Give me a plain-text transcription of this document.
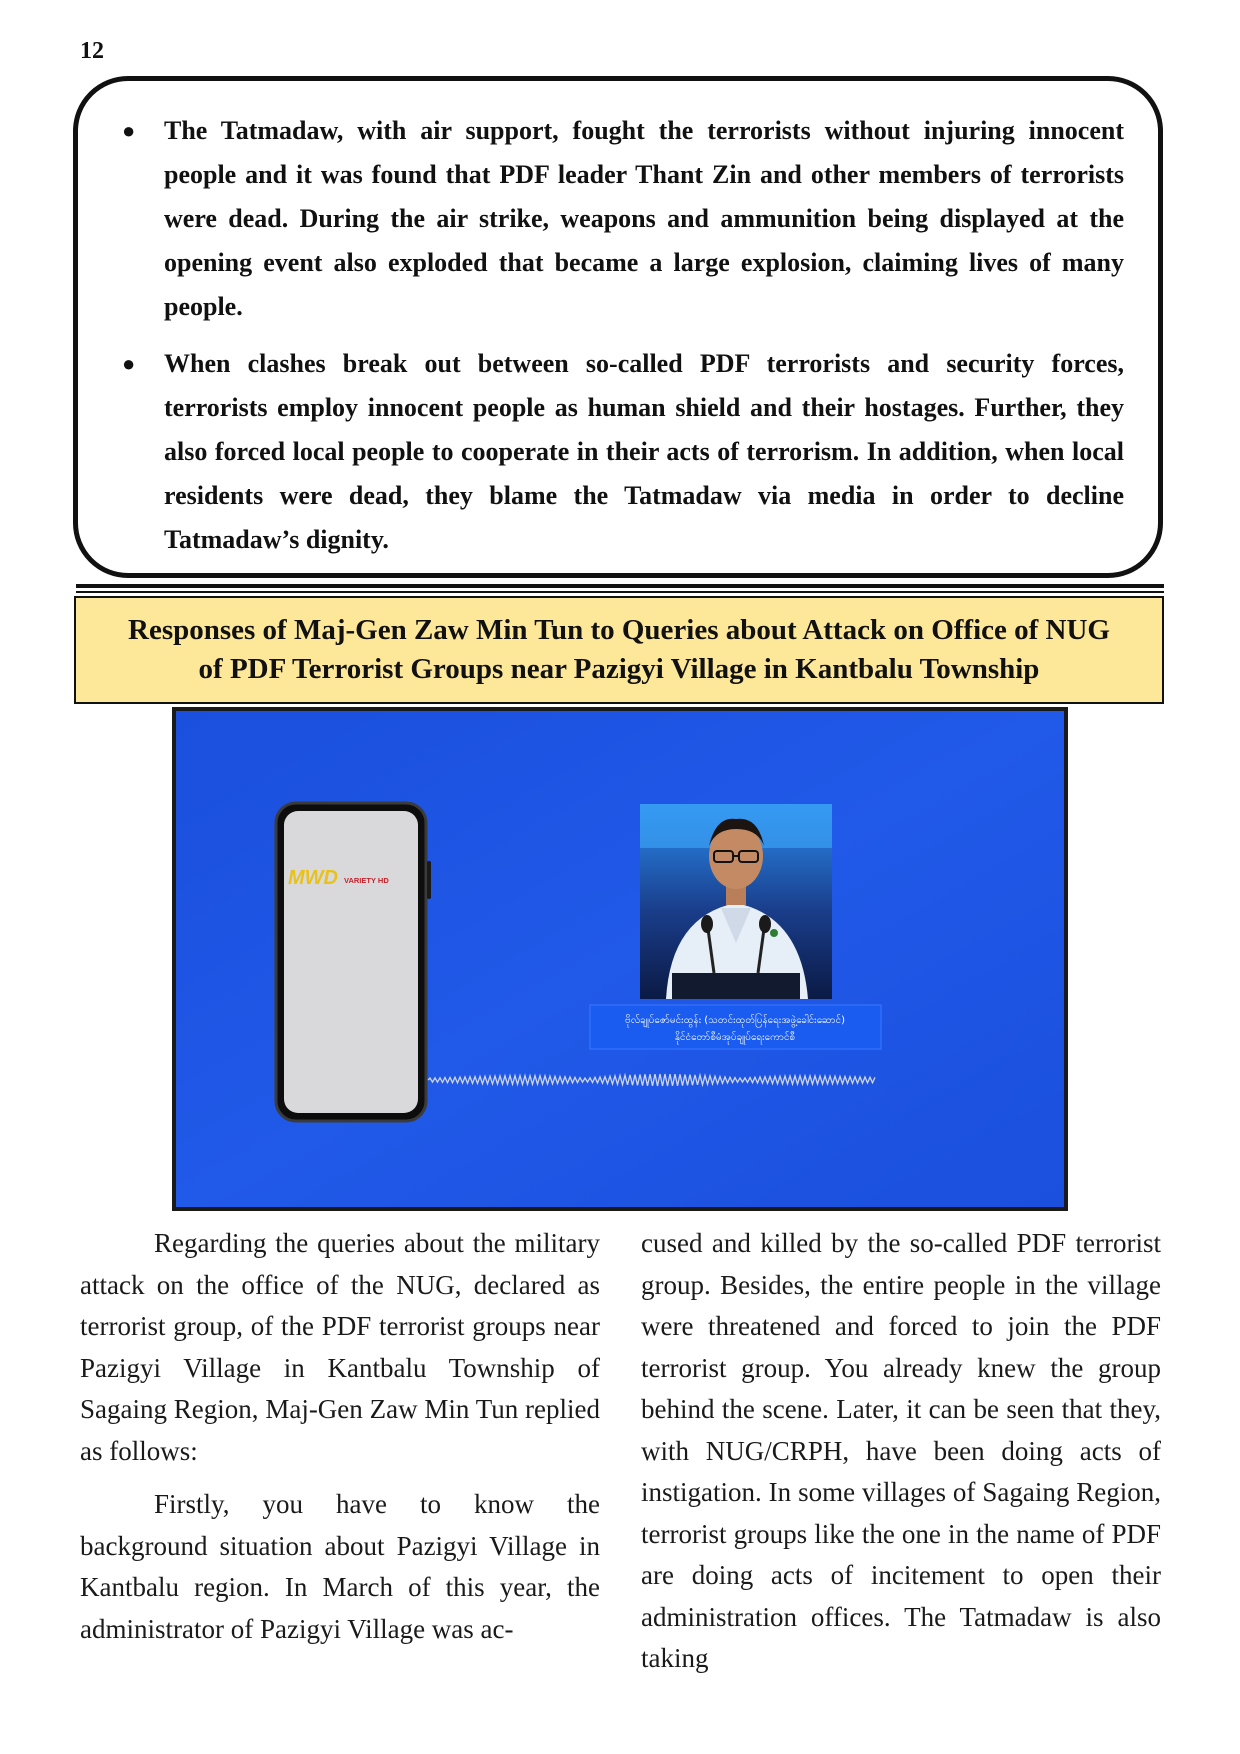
12
● The Tatmadaw, with air support, fought the terrorists without injuring innocent people and it was found that PDF leader Thant Zin and other members of terrorists were dead. During the air strike, weapons and ammunition being displayed at the opening event also exploded that became a large explosion, claiming lives of many people.
● When clashes break out between so-called PDF terrorists and security forces, terrorists employ innocent people as human shield and their hostages. Further, they also forced local people to cooperate in their acts of terrorism. In addition, when local residents were dead, they blame the Tatmadaw via media in order to decline Tatmadaw’s dignity.
Responses of Maj-Gen Zaw Min Tun to Queries about Attack on Office of NUG
of PDF Terrorist Groups near Pazigyi Village in Kantbalu Township
MWD VARIETY HD
ဗိုလ်ချုပ်ဇော်မင်းထွန်း (သတင်းထုတ်ပြန်ရေးအဖွဲ့ခေါင်းဆောင်)
နိုင်ငံတော်စီမံအုပ်ချုပ်ရေးကောင်စီ

Regarding the queries about the military attack on the office of the NUG, declared as terrorist group, of the PDF terrorist groups near Pazigyi Village in Kantbalu Township of Sagaing Region, Maj-Gen Zaw Min Tun replied as follows:

Firstly, you have to know the background situation about Pazigyi Village in Kantbalu region. In March of this year, the administrator of Pazigyi Village was ac-

cused and killed by the so-called PDF terrorist group. Besides, the entire people in the village were threatened and forced to join the PDF terrorist group. You already knew the group behind the scene. Later, it can be seen that they, with NUG/CRPH, have been doing acts of instigation. In some villages of Sagaing Region, terrorist groups like the one in the name of PDF are doing acts of incitement to open their administration offices. The Tatmadaw is also taking
